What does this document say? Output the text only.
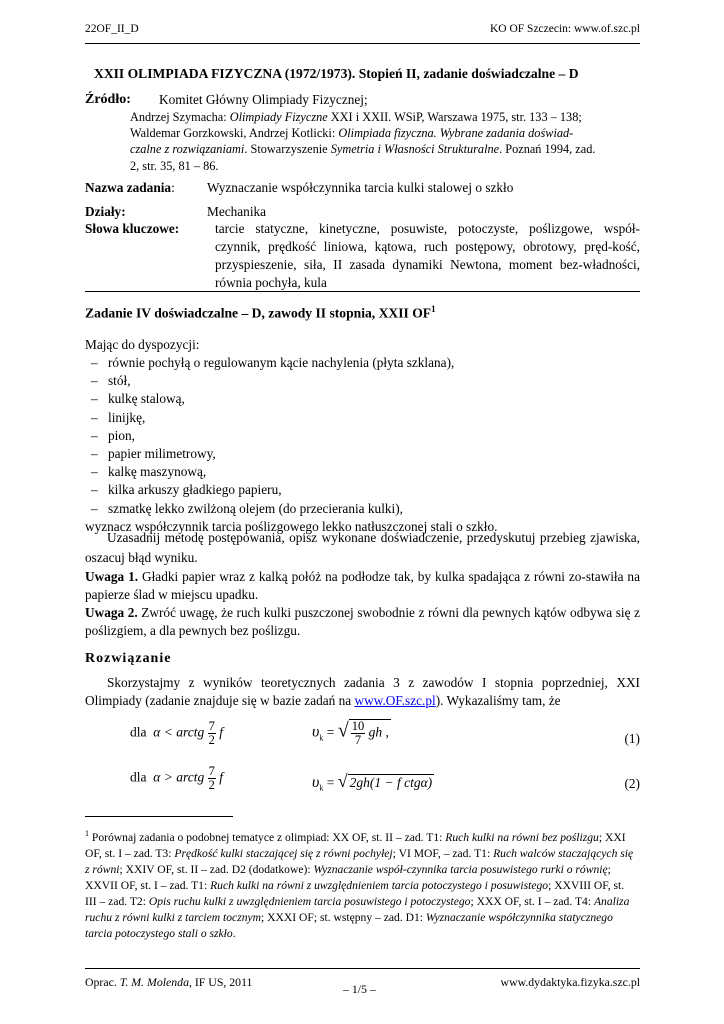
22OF_II_D	KO OF Szczecin: www.of.szc.pl
XXII OLIMPIADA FIZYCZNA (1972/1973). Stopień II, zadanie doświadczalne – D
Źródło: Komitet Główny Olimpiady Fizycznej;
Andrzej Szymacha: Olimpiady Fizyczne XXI i XXII. WSiP, Warszawa 1975, str. 133 – 138;
Waldemar Gorzkowski, Andrzej Kotlicki: Olimpiada fizyczna. Wybrane zadania doświad-
czalne z rozwiązaniami. Stowarzyszenie Symetria i Własności Strukturalne. Poznań 1994, zad.
2, str. 35, 81 – 86.
Nazwa zadania: Wyznaczanie współczynnika tarcia kulki stalowej o szkło
Działy:	Mechanika
Słowa kluczowe:	tarcie statyczne, kinetyczne, posuwiste, potoczyste, poślizgowe, współ-czynnik, prędkość liniowa, kątowa, ruch postępowy, obrotowy, pręd-kość, przyspieszenie, siła, II zasada dynamiki Newtona, moment bez-władności, równia pochyła, kula
Zadanie IV doświadczalne – D, zawody II stopnia, XXII $OF^1$
Mając do dyspozycji:
– równie pochyłą o regulowanym kącie nachylenia (płyta szklana),
– stół,
– kulkę stalową,
– linijkę,
– pion,
– papier milimetrowy,
– kalkę maszynową,
– kilka arkuszy gładkiego papieru,
– szmatkę lekko zwilżoną olejem (do przecierania kulki),
wyznacz współczynnik tarcia poślizgowego lekko natłuszczonej stali o szkło.
Uzasadnij metodę postępowania, opisz wykonane doświadczenie, przedyskutuj przebieg zjawiska, oszacuj błąd wyniku.
Uwaga 1. Gładki papier wraz z kalką połóż na podłodze tak, by kulka spadająca z równi zo-stawiła na papierze ślad w miejscu upadku.
Uwaga 2. Zwróć uwagę, że ruch kulki puszczonej swobodnie z równi dla pewnych kątów odbywa się z poślizgiem, a dla pewnych bez poślizgu.
Rozwiązanie
Skorzystajmy z wyników teoretycznych zadania 3 z zawodów I stopnia poprzedniej, XXI Olimpiady (zadanie znajduje się w bazie zadań na www.OF.szc.pl). Wykazaliśmy tam, że
dla α < arctg $\frac{7}{2}$ f	$\upsilon_k$ = √ $\frac{10}{7}$ gh ,	(1)
dla α > arctg $\frac{7}{2}$ f	$\upsilon_k$ = √ 2gh(1 − f ctgα)	(2)
$^1$ Porównaj zadania o podobnej tematyce z olimpiad: XX OF, st. II – zad. T1: Ruch kulki na równi bez poślizgu; XXI OF, st. I – zad. T3: Prędkość kulki staczającej się z równi pochyłej; VI MOF, – zad. T1: Ruch walców staczających się z równi; XXIV OF, st. II – zad. D2 (dodatkowe): Wyznaczanie współ-czynnika tarcia posuwistego rurki o równię; XXVII OF, st. I – zad. T1: Ruch kulki na równi z uwzględnieniem tarcia potoczystego i posuwistego; XXVIII OF, st. III – zad. T2: Opis ruchu kulki z uwzględnieniem tarcia posuwistego i potoczystego; XXX OF, st. I – zad. T4: Analiza ruchu z równi kulki z tarciem tocznym; XXXI OF; st. wstępny – zad. D1: Wyznaczanie współczynnika statycznego tarcia potoczystego stali o szkło.
Oprac. T. M. Molenda, IF US, 2011	– 1/5 –	www.dydaktyka.fizyka.szc.pl
